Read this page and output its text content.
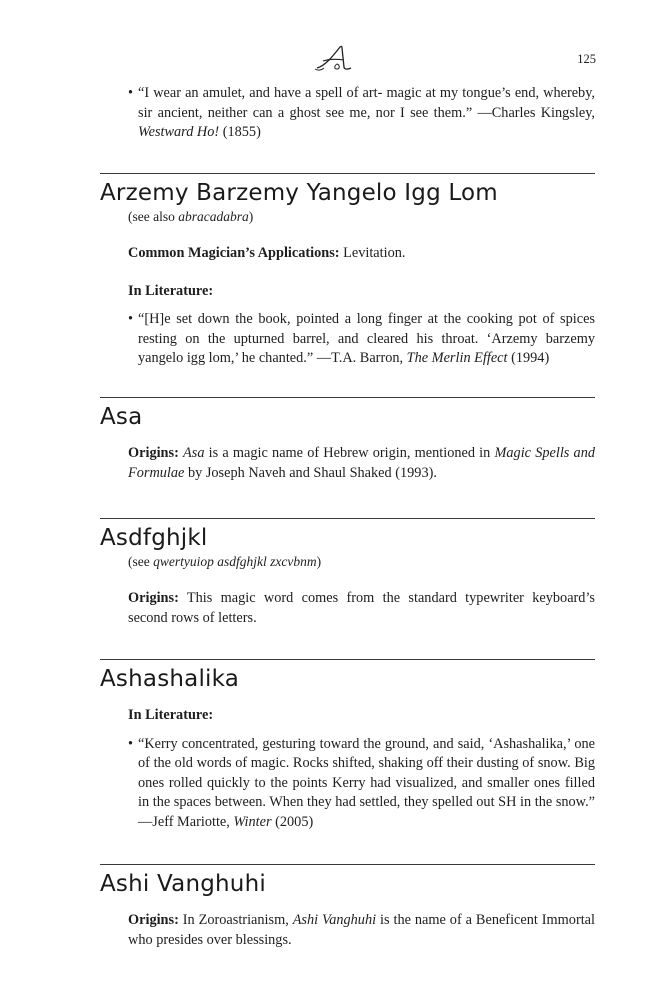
125
• “I wear an amulet, and have a spell of art- magic at my tongue’s end, whereby, sir ancient, neither can a ghost see me, nor I see them.” —Charles Kingsley, Westward Ho! (1855)
Arzemy Barzemy Yangelo Igg Lom
(see also abracadabra)
Common Magician’s Applications: Levitation.
In Literature:
• “[H]e set down the book, pointed a long finger at the cooking pot of spices resting on the upturned barrel, and cleared his throat. ‘Arzemy barzemy yangelo igg lom,’ he chanted.” —T.A. Barron, The Merlin Effect (1994)
Asa
Origins: Asa is a magic name of Hebrew origin, mentioned in Magic Spells and Formulae by Joseph Naveh and Shaul Shaked (1993).
Asdfghjkl
(see qwertyuiop asdfghjkl zxcvbnm)
Origins: This magic word comes from the standard typewriter keyboard’s second rows of letters.
Ashashalika
In Literature:
• “Kerry concentrated, gesturing toward the ground, and said, ‘Ashashalika,’ one of the old words of magic. Rocks shifted, shaking off their dusting of snow. Big ones rolled quickly to the points Kerry had visualized, and smaller ones filled in the spaces between. When they had settled, they spelled out SH in the snow.” —Jeff Mariotte, Winter (2005)
Ashi Vanghuhi
Origins: In Zoroastrianism, Ashi Vanghuhi is the name of a Beneficent Immortal who presides over blessings.
